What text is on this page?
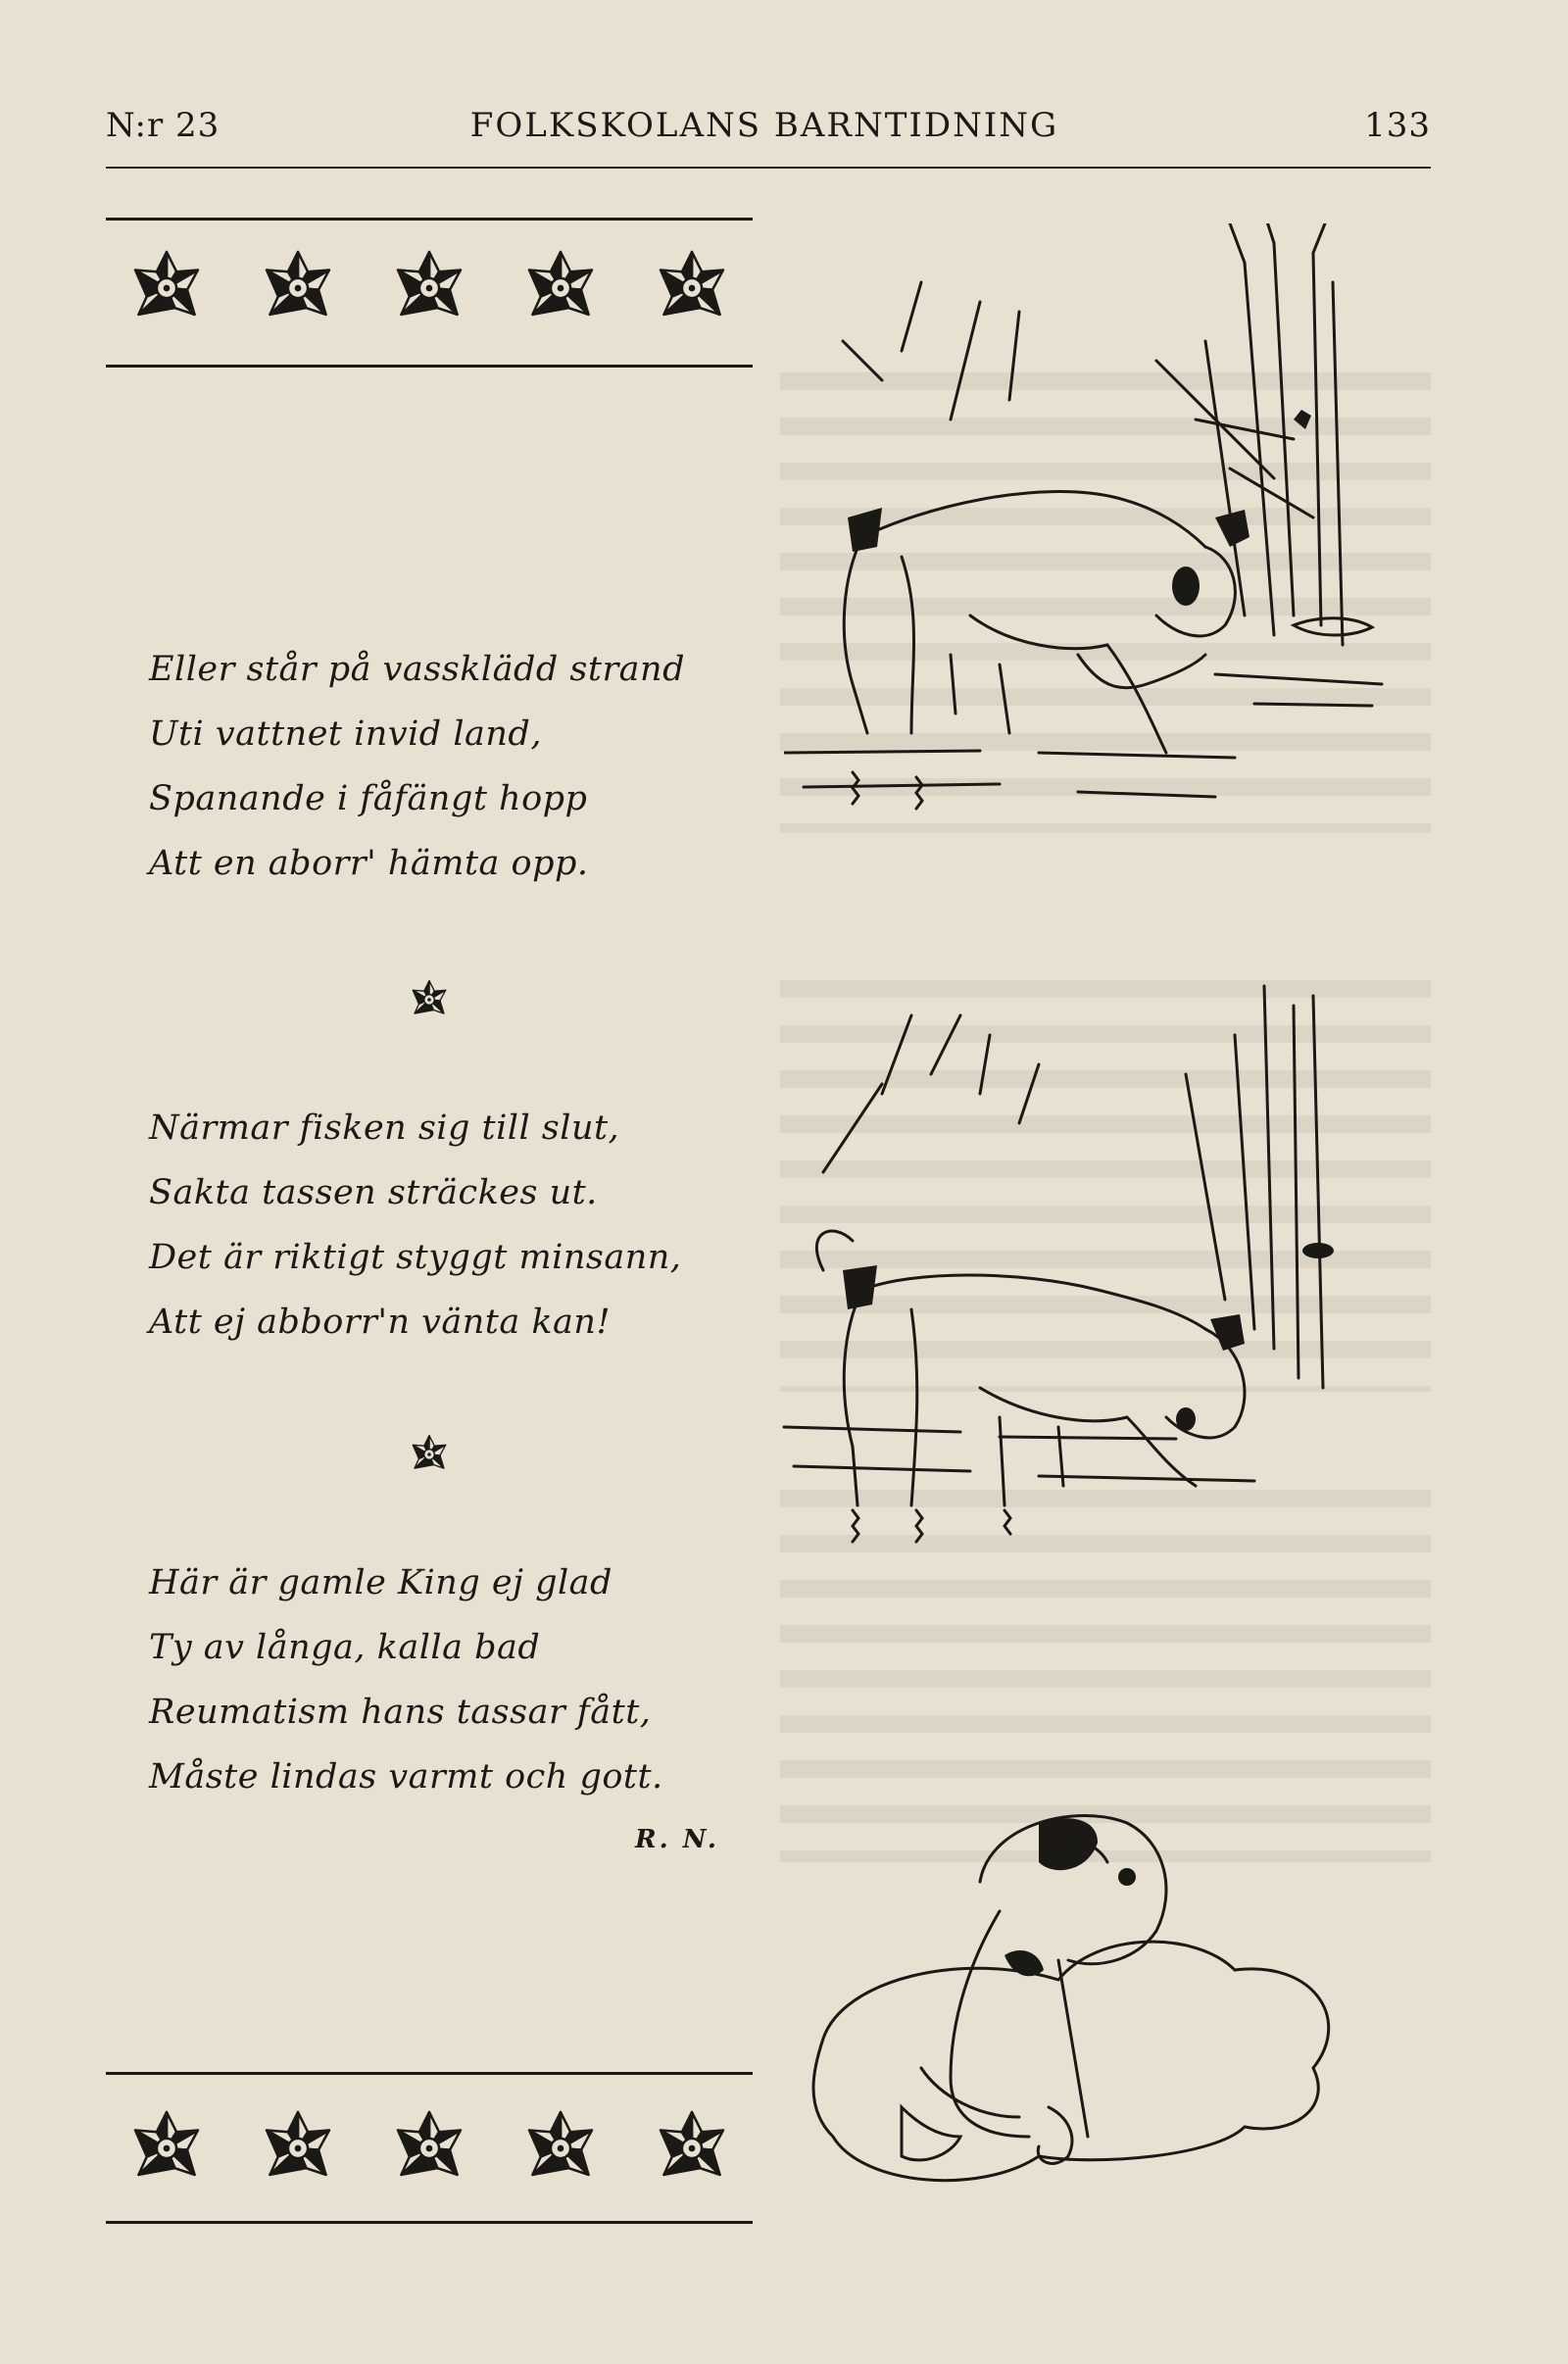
N:r 23	FOLKSKOLANS BARNTIDNING	133
Eller står på vassklädd strand
Uti vattnet invid land,
Spanande i fåfängt hopp
Att en aborr' hämta opp.
Närmar fisken sig till slut,
Sakta tassen sträckes ut.
Det är riktigt styggt minsann,
Att ej abborr'n vänta kan!
Här är gamle King ej glad
Ty av långa, kalla bad
Reumatism hans tassar fått,
Måste lindas varmt och gott.
R. N.
